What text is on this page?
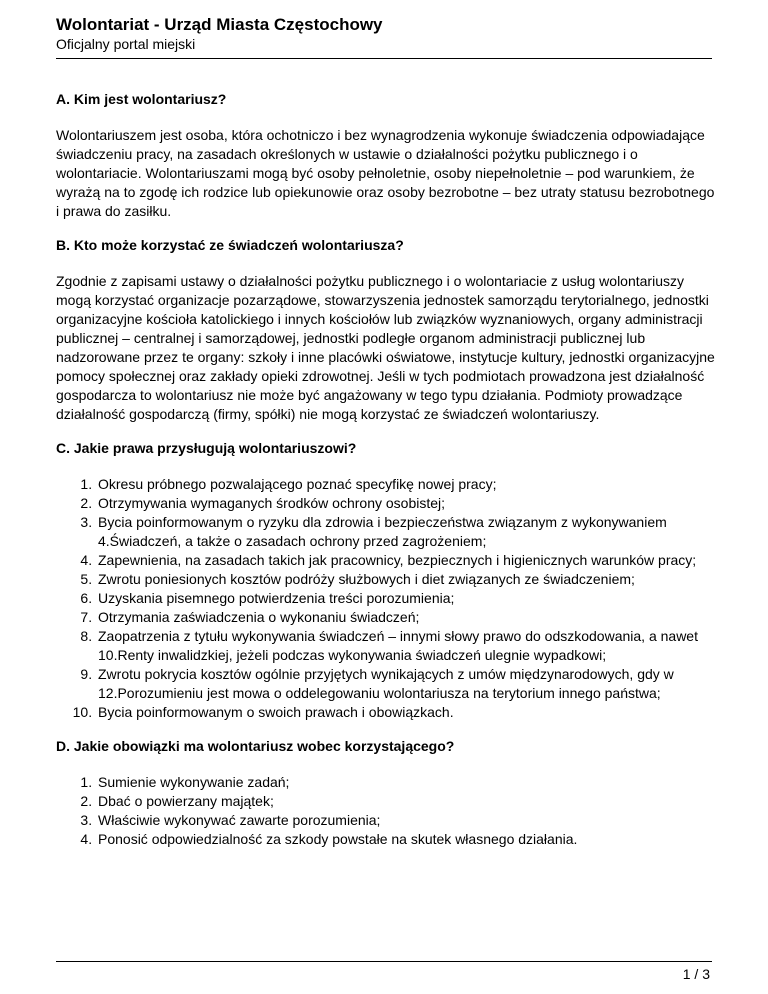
Wolontariat - Urząd Miasta Częstochowy
Oficjalny portal miejski
A. Kim jest wolontariusz?

Wolontariuszem jest osoba, która ochotniczo i bez wynagrodzenia wykonuje świadczenia odpowiadające świadczeniu pracy, na zasadach określonych w ustawie o działalności pożytku publicznego i o wolontariacie. Wolontariuszami mogą być osoby pełnoletnie, osoby niepełnoletnie – pod warunkiem, że wyrażą na to zgodę ich rodzice lub opiekunowie oraz osoby bezrobotne – bez utraty statusu bezrobotnego i prawa do zasiłku.

B. Kto może korzystać ze świadczeń wolontariusza?

Zgodnie z zapisami ustawy o działalności pożytku publicznego i o wolontariacie z usług wolontariuszy mogą korzystać organizacje pozarządowe, stowarzyszenia jednostek samorządu terytorialnego, jednostki organizacyjne kościoła katolickiego i innych kościołów lub związków wyznaniowych, organy administracji publicznej – centralnej i samorządowej, jednostki podległe organom administracji publicznej lub nadzorowane przez te organy: szkoły i inne placówki oświatowe, instytucje kultury, jednostki organizacyjne pomocy społecznej oraz zakłady opieki zdrowotnej. Jeśli w tych podmiotach prowadzona jest działalność gospodarcza to wolontariusz nie może być angażowany w tego typu działania. Podmioty prowadzące działalność gospodarczą (firmy, spółki) nie mogą korzystać ze świadczeń wolontariuszy.

C. Jakie prawa przysługują wolontariuszowi?
1. Okresu próbnego pozwalającego poznać specyfikę nowej pracy;
2. Otrzymywania wymaganych środków ochrony osobistej;
3. Bycia poinformowanym o ryzyku dla zdrowia i bezpieczeństwa związanym z wykonywaniem 4.Świadczeń, a także o zasadach ochrony przed zagrożeniem;
4. Zapewnienia, na zasadach takich jak pracownicy, bezpiecznych i higienicznych warunków pracy;
5. Zwrotu poniesionych kosztów podróży służbowych i diet związanych ze świadczeniem;
6. Uzyskania pisemnego potwierdzenia treści porozumienia;
7. Otrzymania zaświadczenia o wykonaniu świadczeń;
8. Zaopatrzenia z tytułu wykonywania świadczeń – innymi słowy prawo do odszkodowania, a nawet 10.Renty inwalidzkiej, jeżeli podczas wykonywania świadczeń ulegnie wypadkowi;
9. Zwrotu pokrycia kosztów ogólnie przyjętych wynikających z umów międzynarodowych, gdy w 12.Porozumieniu jest mowa o oddelegowaniu wolontariusza na terytorium innego państwa;
10. Bycia poinformowanym o swoich prawach i obowiązkach.
D. Jakie obowiązki ma wolontariusz wobec korzystającego?
1. Sumienie wykonywanie zadań;
2. Dbać o powierzany majątek;
3. Właściwie wykonywać zawarte porozumienia;
4. Ponosić odpowiedzialność za szkody powstałe na skutek własnego działania.
1 / 3
